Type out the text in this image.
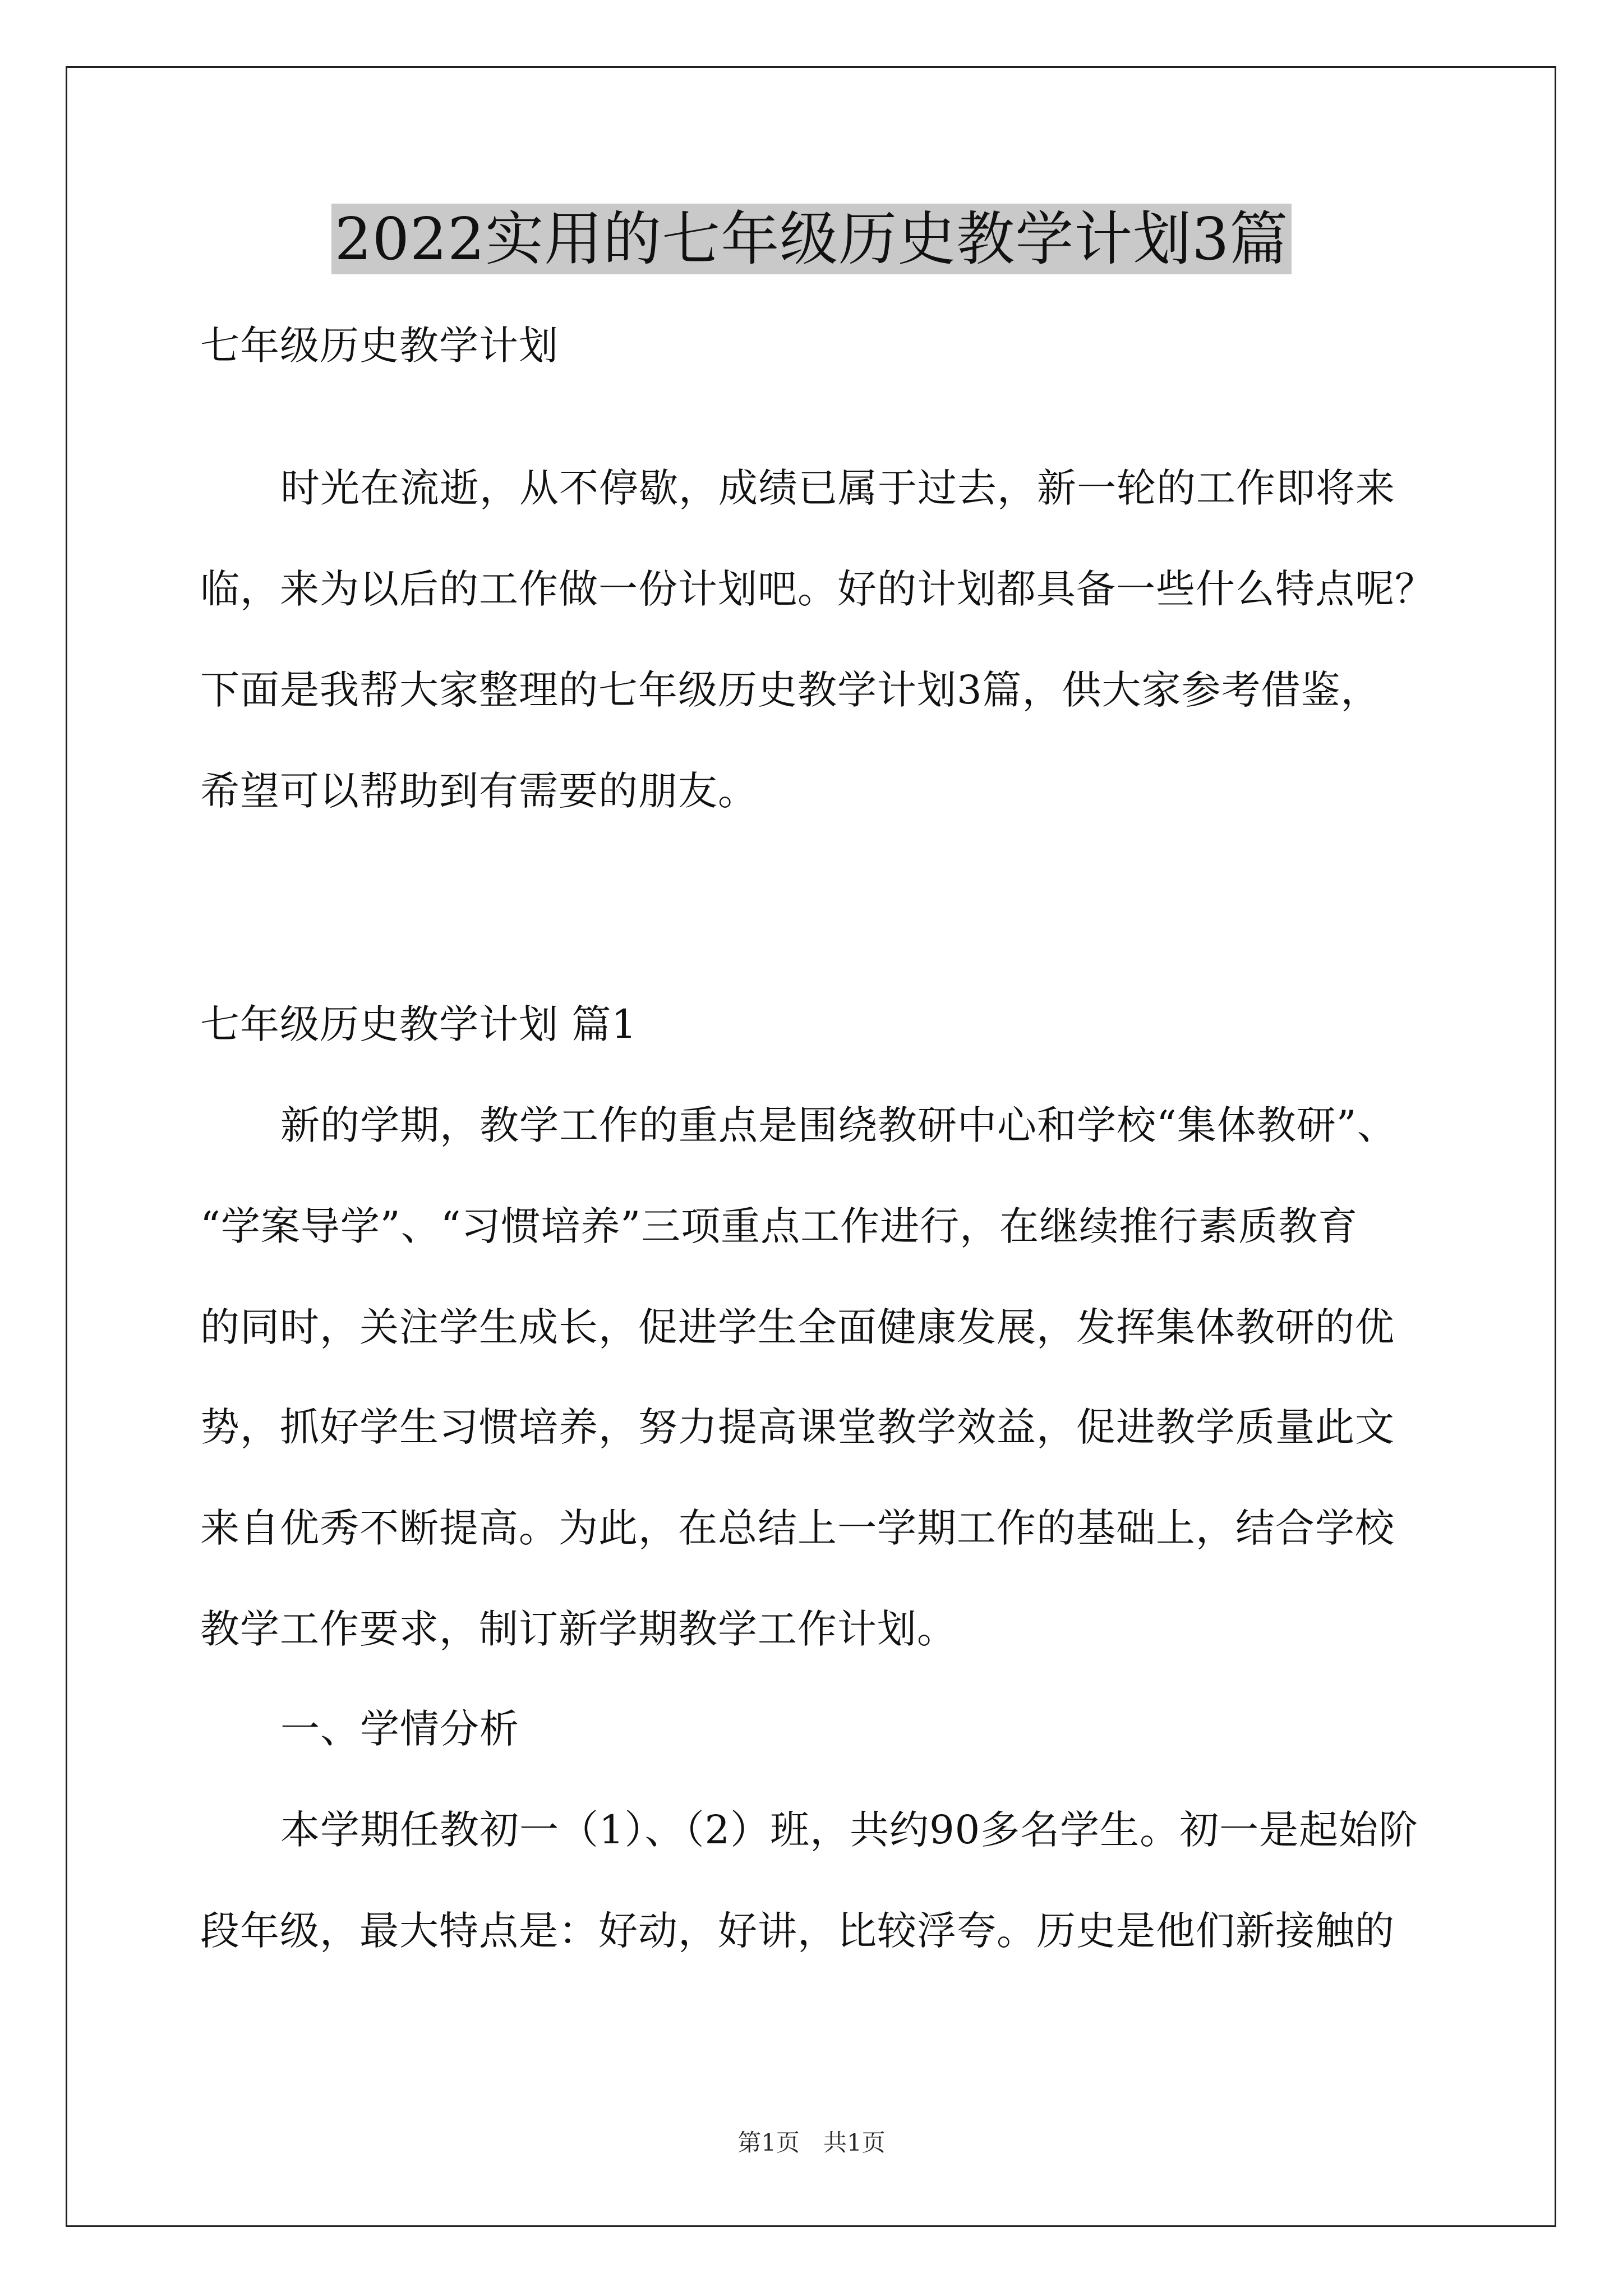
2022实用的七年级历史教学计划3篇
七年级历史教学计划
时光在流逝，从不停歇，成绩已属于过去，新一轮的工作即将来
临，来为以后的工作做一份计划吧。好的计划都具备一些什么特点呢？
下面是我帮大家整理的七年级历史教学计划3篇，供大家参考借鉴，
希望可以帮助到有需要的朋友。
七年级历史教学计划 篇1
新的学期，教学工作的重点是围绕教研中心和学校“集体教研”、
“学案导学”、“习惯培养”三项重点工作进行，在继续推行素质教育
的同时，关注学生成长，促进学生全面健康发展，发挥集体教研的优
势，抓好学生习惯培养，努力提高课堂教学效益，促进教学质量此文
来自优秀不断提高。为此，在总结上一学期工作的基础上，结合学校
教学工作要求，制订新学期教学工作计划。
一、学情分析
本学期任教初一（1）、（2）班，共约90多名学生。初一是起始阶
段年级，最大特点是：好动，好讲，比较浮夸。历史是他们新接触的
第1页 共1页
